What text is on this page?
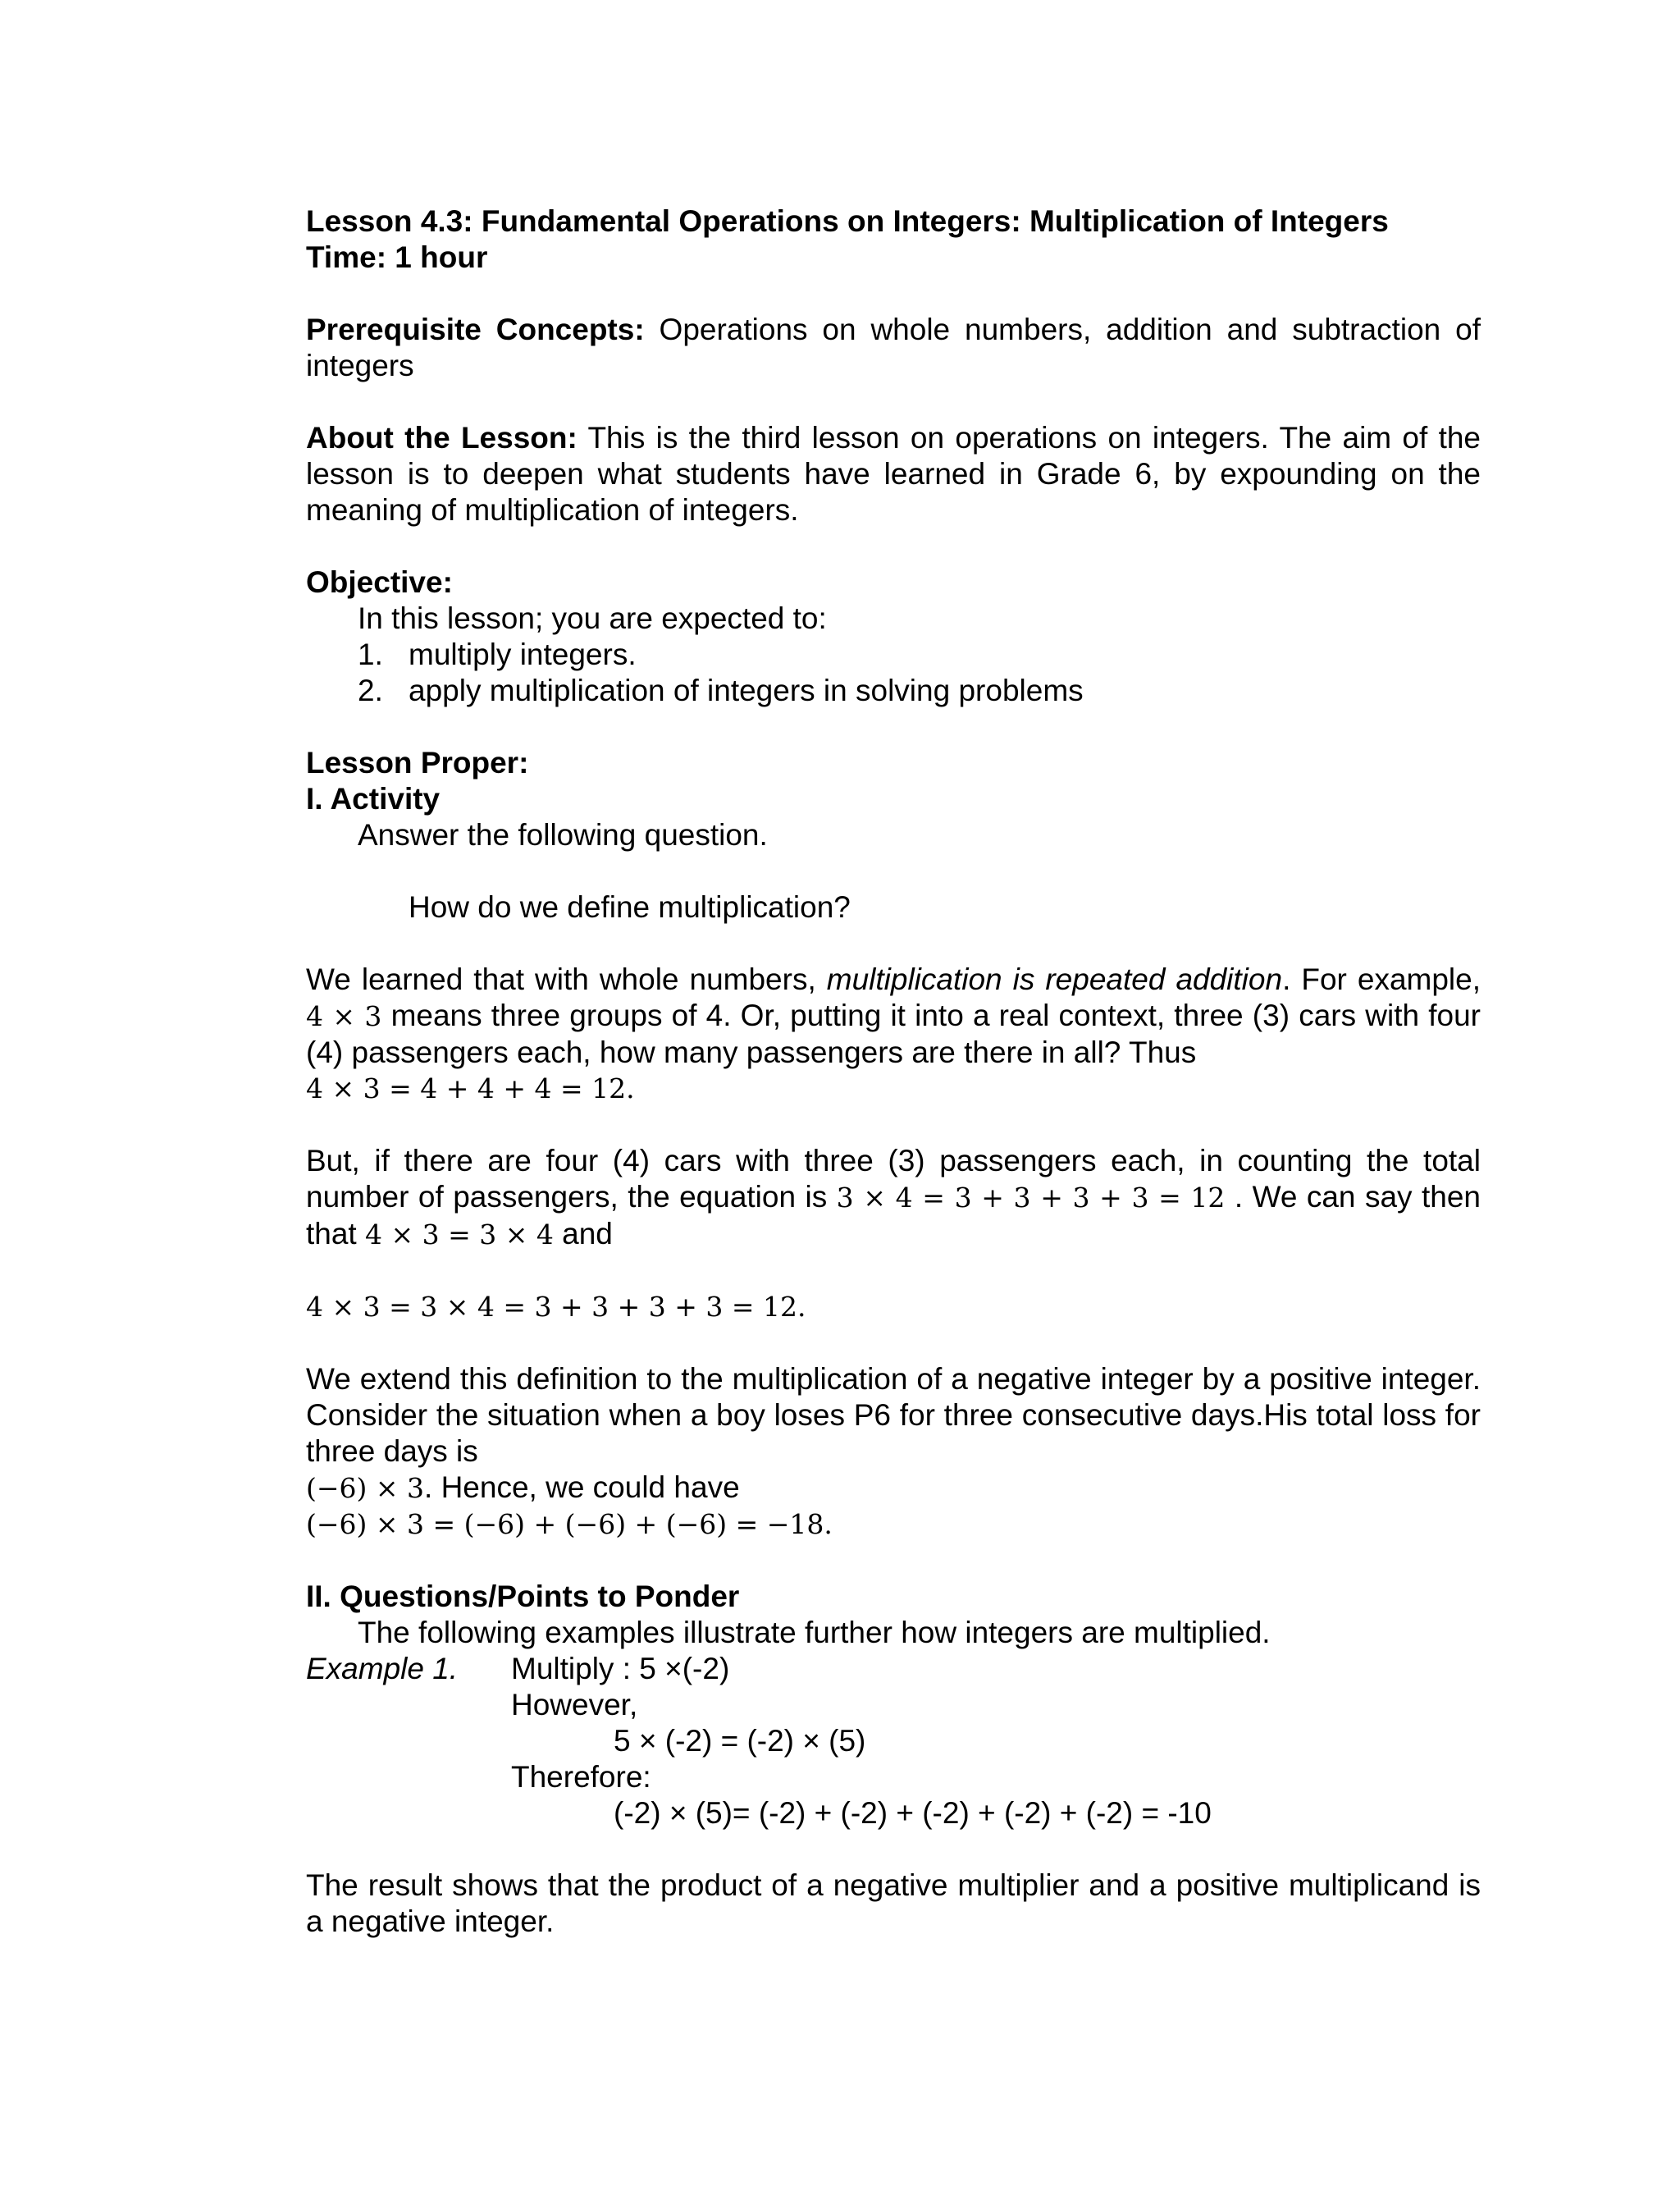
Lesson 4.3: Fundamental Operations on Integers: Multiplication of Integers
Time: 1 hour
Prerequisite Concepts: Operations on whole numbers, addition and subtraction of integers
About the Lesson: This is the third lesson on operations on integers. The aim of the lesson is to deepen what students have learned in Grade 6, by expounding on the meaning of multiplication of integers.
Objective:
In this lesson; you are expected to:
1. multiply integers.
2. apply multiplication of integers in solving problems
Lesson Proper:
I. Activity
Answer the following question.
How do we define multiplication?
We learned that with whole numbers, multiplication is repeated addition. For example, 4 × 3 means three groups of 4. Or, putting it into a real context, three (3) cars with four (4) passengers each, how many passengers are there in all? Thus
4 × 3 = 4 + 4 + 4 = 12.
But, if there are four (4) cars with three (3) passengers each, in counting the total number of passengers, the equation is 3 × 4 = 3 + 3 + 3 + 3 = 12 . We can say then that 4 × 3 = 3 × 4 and
4 × 3 = 3 × 4 = 3 + 3 + 3 + 3 = 12.
We extend this definition to the multiplication of a negative integer by a positive integer. Consider the situation when a boy loses P6 for three consecutive days.His total loss for three days is
(−6) × 3. Hence, we could have
(−6) × 3 = (−6) + (−6) + (−6) = −18.
II. Questions/Points to Ponder
The following examples illustrate further how integers are multiplied.
Example 1.	Multiply : 5 ×(-2)
However,
5 × (-2) = (-2) × (5)
Therefore:
(-2) × (5)= (-2) + (-2) + (-2) + (-2) + (-2) = -10
The result shows that the product of a negative multiplier and a positive multiplicand is a negative integer.
